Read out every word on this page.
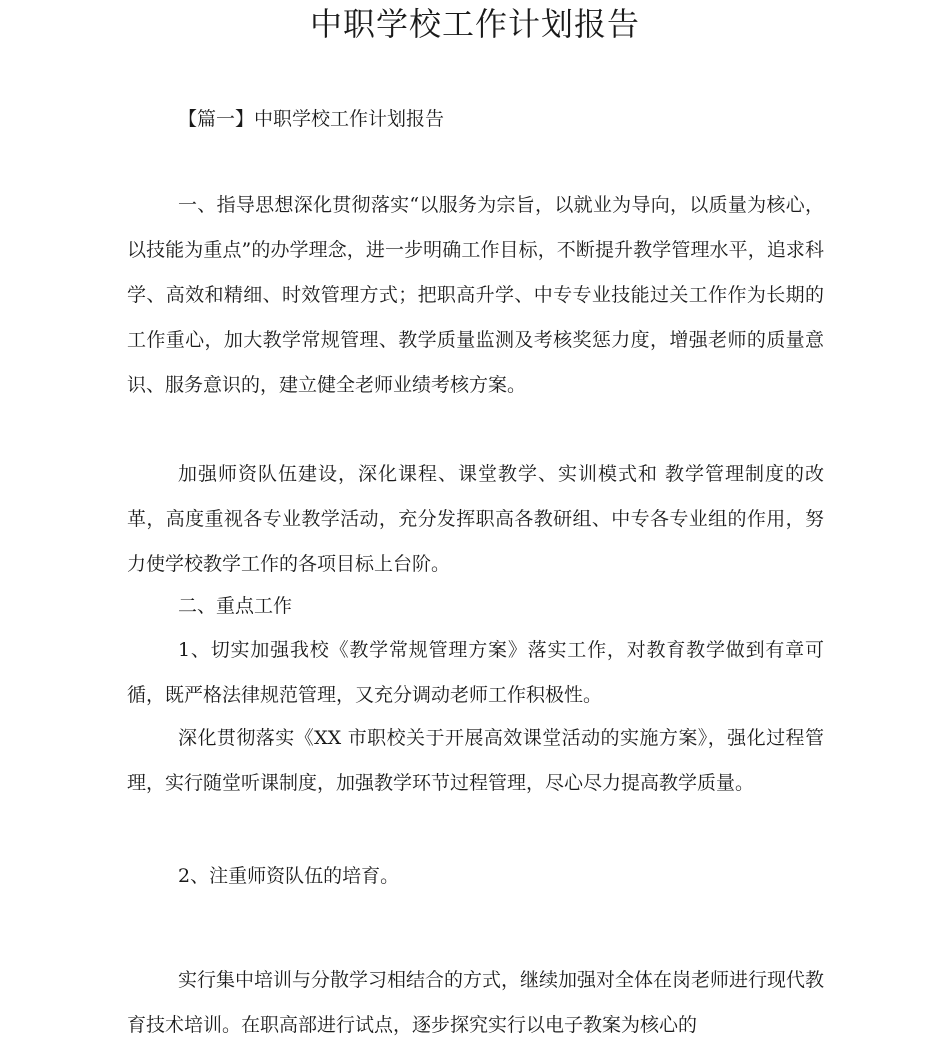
中职学校工作计划报告

【篇一】中职学校工作计划报告

一、指导思想深化贯彻落实“以服务为宗旨，以就业为导向，以质量为核心，以技能为重点”的办学理念，进一步明确工作目标，不断提升教学管理水平，追求科学、高效和精细、时效管理方式；把职高升学、中专专业技能过关工作作为长期的工作重心，加大教学常规管理、教学质量监测及考核奖惩力度，增强老师的质量意识、服务意识的，建立健全老师业绩考核方案。

加强师资队伍建设，深化课程、课堂教学、实训模式和 教学管理制度的改革，高度重视各专业教学活动，充分发挥职高各教研组、中专各专业组的作用，努力使学校教学工作的各项目标上台阶。

二、重点工作

1、切实加强我校《教学常规管理方案》落实工作，对教育教学做到有章可循，既严格法律规范管理，又充分调动老师工作积极性。

深化贯彻落实《XX 市职校关于开展高效课堂活动的实施方案》，强化过程管理，实行随堂听课制度，加强教学环节过程管理，尽心尽力提高教学质量。

2、注重师资队伍的培育。

实行集中培训与分散学习相结合的方式，继续加强对全体在岗老师进行现代教育技术培训。在职高部进行试点，逐步探究实行以电子教案为核心的
